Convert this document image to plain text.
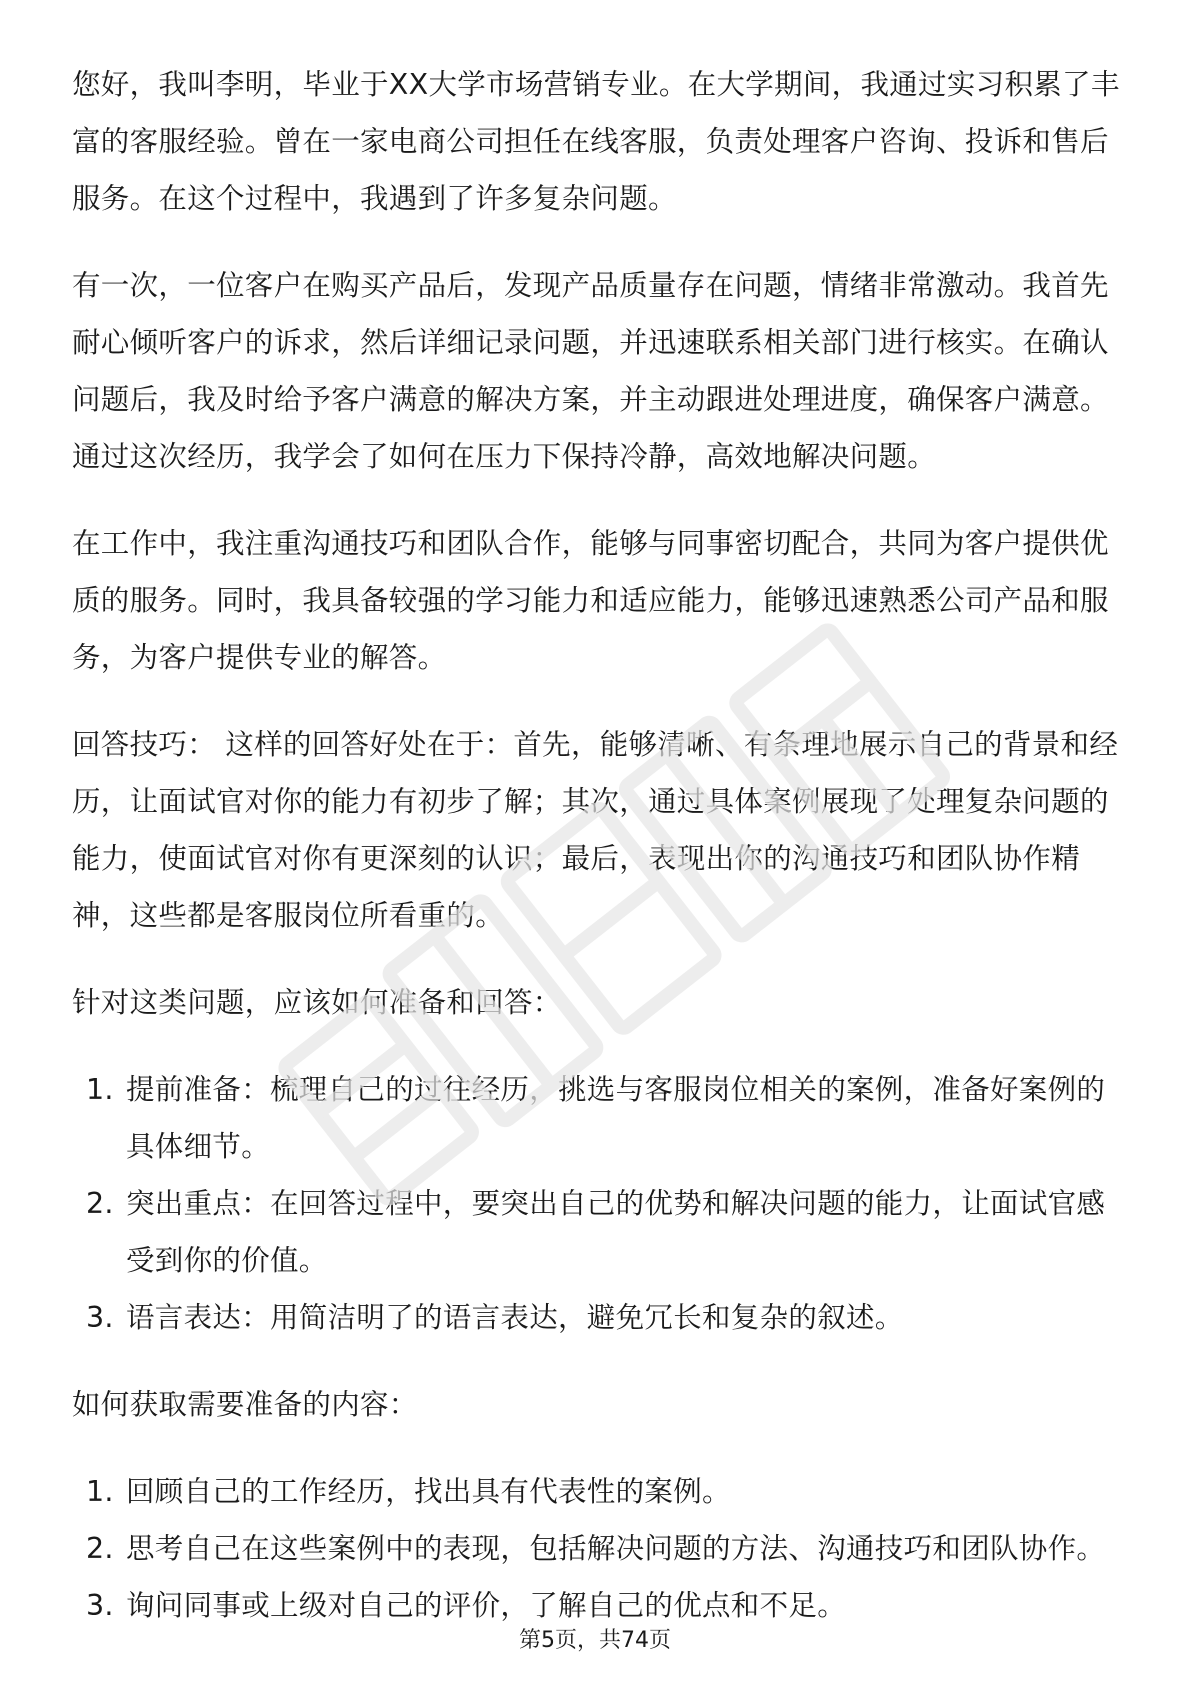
您好，我叫李明，毕业于XX大学市场营销专业。在大学期间，我通过实习积累了丰富的客服经验。曾在一家电商公司担任在线客服，负责处理客户咨询、投诉和售后服务。在这个过程中，我遇到了许多复杂问题。

有一次，一位客户在购买产品后，发现产品质量存在问题，情绪非常激动。我首先耐心倾听客户的诉求，然后详细记录问题，并迅速联系相关部门进行核实。在确认问题后，我及时给予客户满意的解决方案，并主动跟进处理进度，确保客户满意。通过这次经历，我学会了如何在压力下保持冷静，高效地解决问题。

在工作中，我注重沟通技巧和团队合作，能够与同事密切配合，共同为客户提供优质的服务。同时，我具备较强的学习能力和适应能力，能够迅速熟悉公司产品和服务，为客户提供专业的解答。

回答技巧： 这样的回答好处在于：首先，能够清晰、有条理地展示自己的背景和经历，让面试官对你的能力有初步了解；其次，通过具体案例展现了处理复杂问题的能力，使面试官对你有更深刻的认识；最后，表现出你的沟通技巧和团队协作精神，这些都是客服岗位所看重的。

针对这类问题，应该如何准备和回答：

1. 提前准备：梳理自己的过往经历，挑选与客服岗位相关的案例，准备好案例的具体细节。
2. 突出重点：在回答过程中，要突出自己的优势和解决问题的能力，让面试官感受到你的价值。
3. 语言表达：用简洁明了的语言表达，避免冗长和复杂的叙述。

如何获取需要准备的内容：

1. 回顾自己的工作经历，找出具有代表性的案例。
2. 思考自己在这些案例中的表现，包括解决问题的方法、沟通技巧和团队协作。
3. 询问同事或上级对自己的评价，了解自己的优点和不足。
第5页，共74页
